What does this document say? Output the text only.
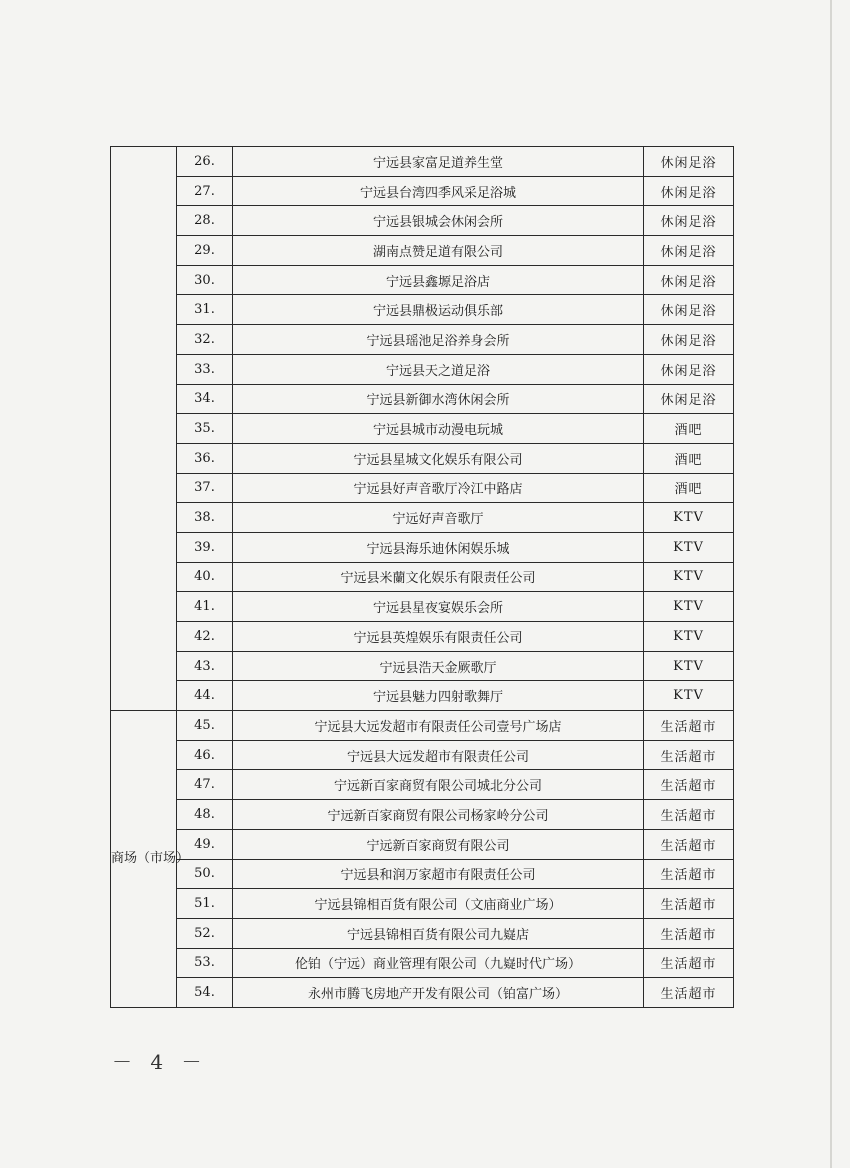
	26.	宁远县家富足道养生堂	休闲足浴
	27.	宁远县台湾四季风采足浴城	休闲足浴
	28.	宁远县银城会休闲会所	休闲足浴
	29.	湖南点赞足道有限公司	休闲足浴
	30.	宁远县鑫塬足浴店	休闲足浴
	31.	宁远县鼎极运动俱乐部	休闲足浴
	32.	宁远县瑶池足浴养身会所	休闲足浴
	33.	宁远县天之道足浴	休闲足浴
	34.	宁远县新御水湾休闲会所	休闲足浴
	35.	宁远县城市动漫电玩城	酒吧
	36.	宁远县星城文化娱乐有限公司	酒吧
	37.	宁远县好声音歌厅冷江中路店	酒吧
	38.	宁远好声音歌厅	KTV
	39.	宁远县海乐迪休闲娱乐城	KTV
	40.	宁远县米蘭文化娱乐有限责任公司	KTV
	41.	宁远县星夜宴娱乐会所	KTV
	42.	宁远县英煌娱乐有限责任公司	KTV
	43.	宁远县浩天金厥歌厅	KTV
	44.	宁远县魅力四射歌舞厅	KTV
商场（市场）	45.	宁远县大远发超市有限责任公司壹号广场店	生活超市
	46.	宁远县大远发超市有限责任公司	生活超市
	47.	宁远新百家商贸有限公司城北分公司	生活超市
	48.	宁远新百家商贸有限公司杨家岭分公司	生活超市
	49.	宁远新百家商贸有限公司	生活超市
	50.	宁远县和润万家超市有限责任公司	生活超市
	51.	宁远县锦相百货有限公司（文庙商业广场）	生活超市
	52.	宁远县锦相百货有限公司九嶷店	生活超市
	53.	伦铂（宁远）商业管理有限公司（九嶷时代广场）	生活超市
	54.	永州市腾飞房地产开发有限公司（铂富广场）	生活超市
－ 4 －
